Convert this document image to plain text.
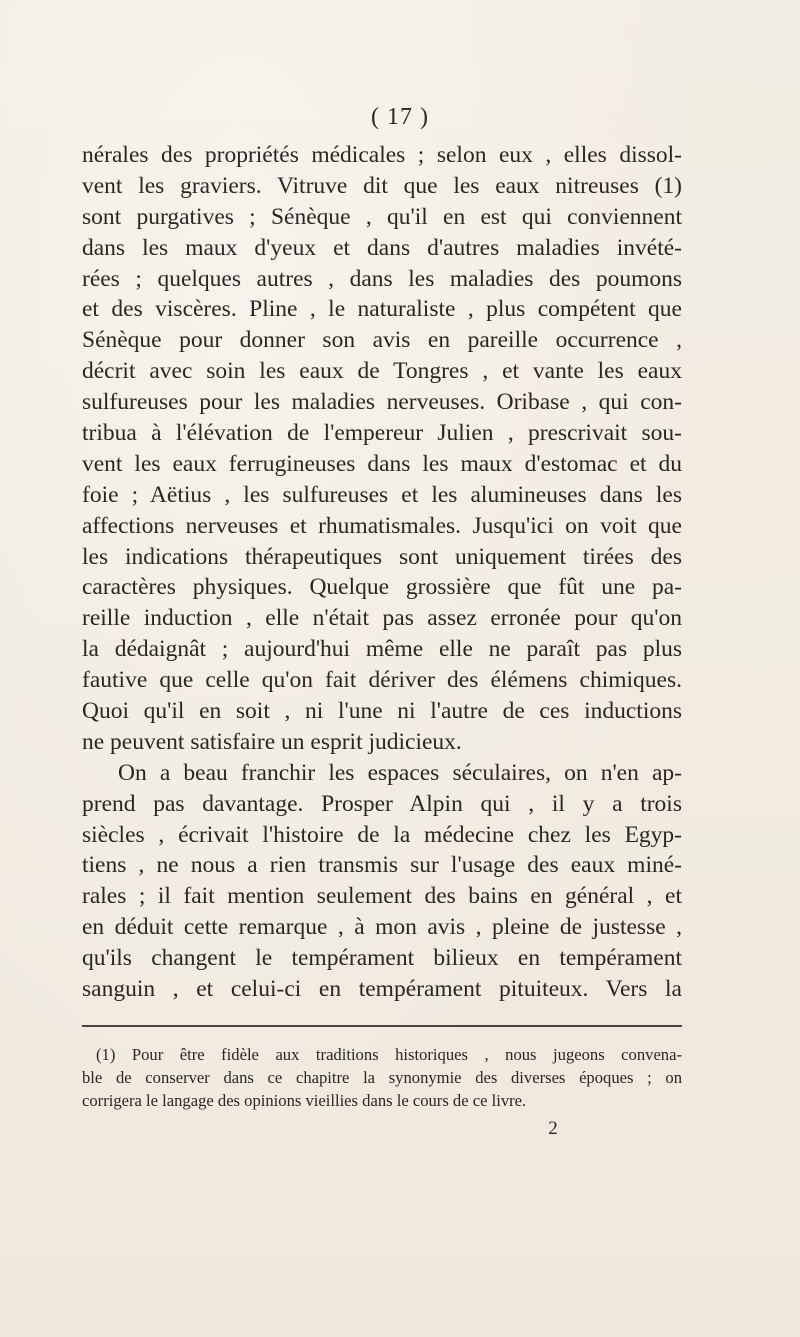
( 17 )
nérales des propriétés médicales ; selon eux , elles dissol-
vent les graviers. Vitruve dit que les eaux nitreuses (1)
sont purgatives ; Sénèque , qu'il en est qui conviennent
dans les maux d'yeux et dans d'autres maladies invété-
rées ; quelques autres , dans les maladies des poumons
et des viscères. Pline , le naturaliste , plus compétent que
Sénèque pour donner son avis en pareille occurrence ,
décrit avec soin les eaux de Tongres , et vante les eaux
sulfureuses pour les maladies nerveuses. Oribase , qui con-
tribua à l'élévation de l'empereur Julien , prescrivait sou-
vent les eaux ferrugineuses dans les maux d'estomac et du
foie ; Aëtius , les sulfureuses et les alumineuses dans les
affections nerveuses et rhumatismales. Jusqu'ici on voit que
les indications thérapeutiques sont uniquement tirées des
caractères physiques. Quelque grossière que fût une pa-
reille induction , elle n'était pas assez erronée pour qu'on
la dédaignât ; aujourd'hui même elle ne paraît pas plus
fautive que celle qu'on fait dériver des élémens chimiques.
Quoi qu'il en soit , ni l'une ni l'autre de ces inductions
ne peuvent satisfaire un esprit judicieux.
On a beau franchir les espaces séculaires, on n'en ap-
prend pas davantage. Prosper Alpin qui , il y a trois
siècles , écrivait l'histoire de la médecine chez les Egyp-
tiens , ne nous a rien transmis sur l'usage des eaux miné-
rales ; il fait mention seulement des bains en général , et
en déduit cette remarque , à mon avis , pleine de justesse ,
qu'ils changent le tempérament bilieux en tempérament
sanguin , et celui-ci en tempérament pituiteux. Vers la
(1) Pour être fidèle aux traditions historiques , nous jugeons convena-
ble de conserver dans ce chapitre la synonymie des diverses époques ; on
corrigera le langage des opinions vieillies dans le cours de ce livre.
2
